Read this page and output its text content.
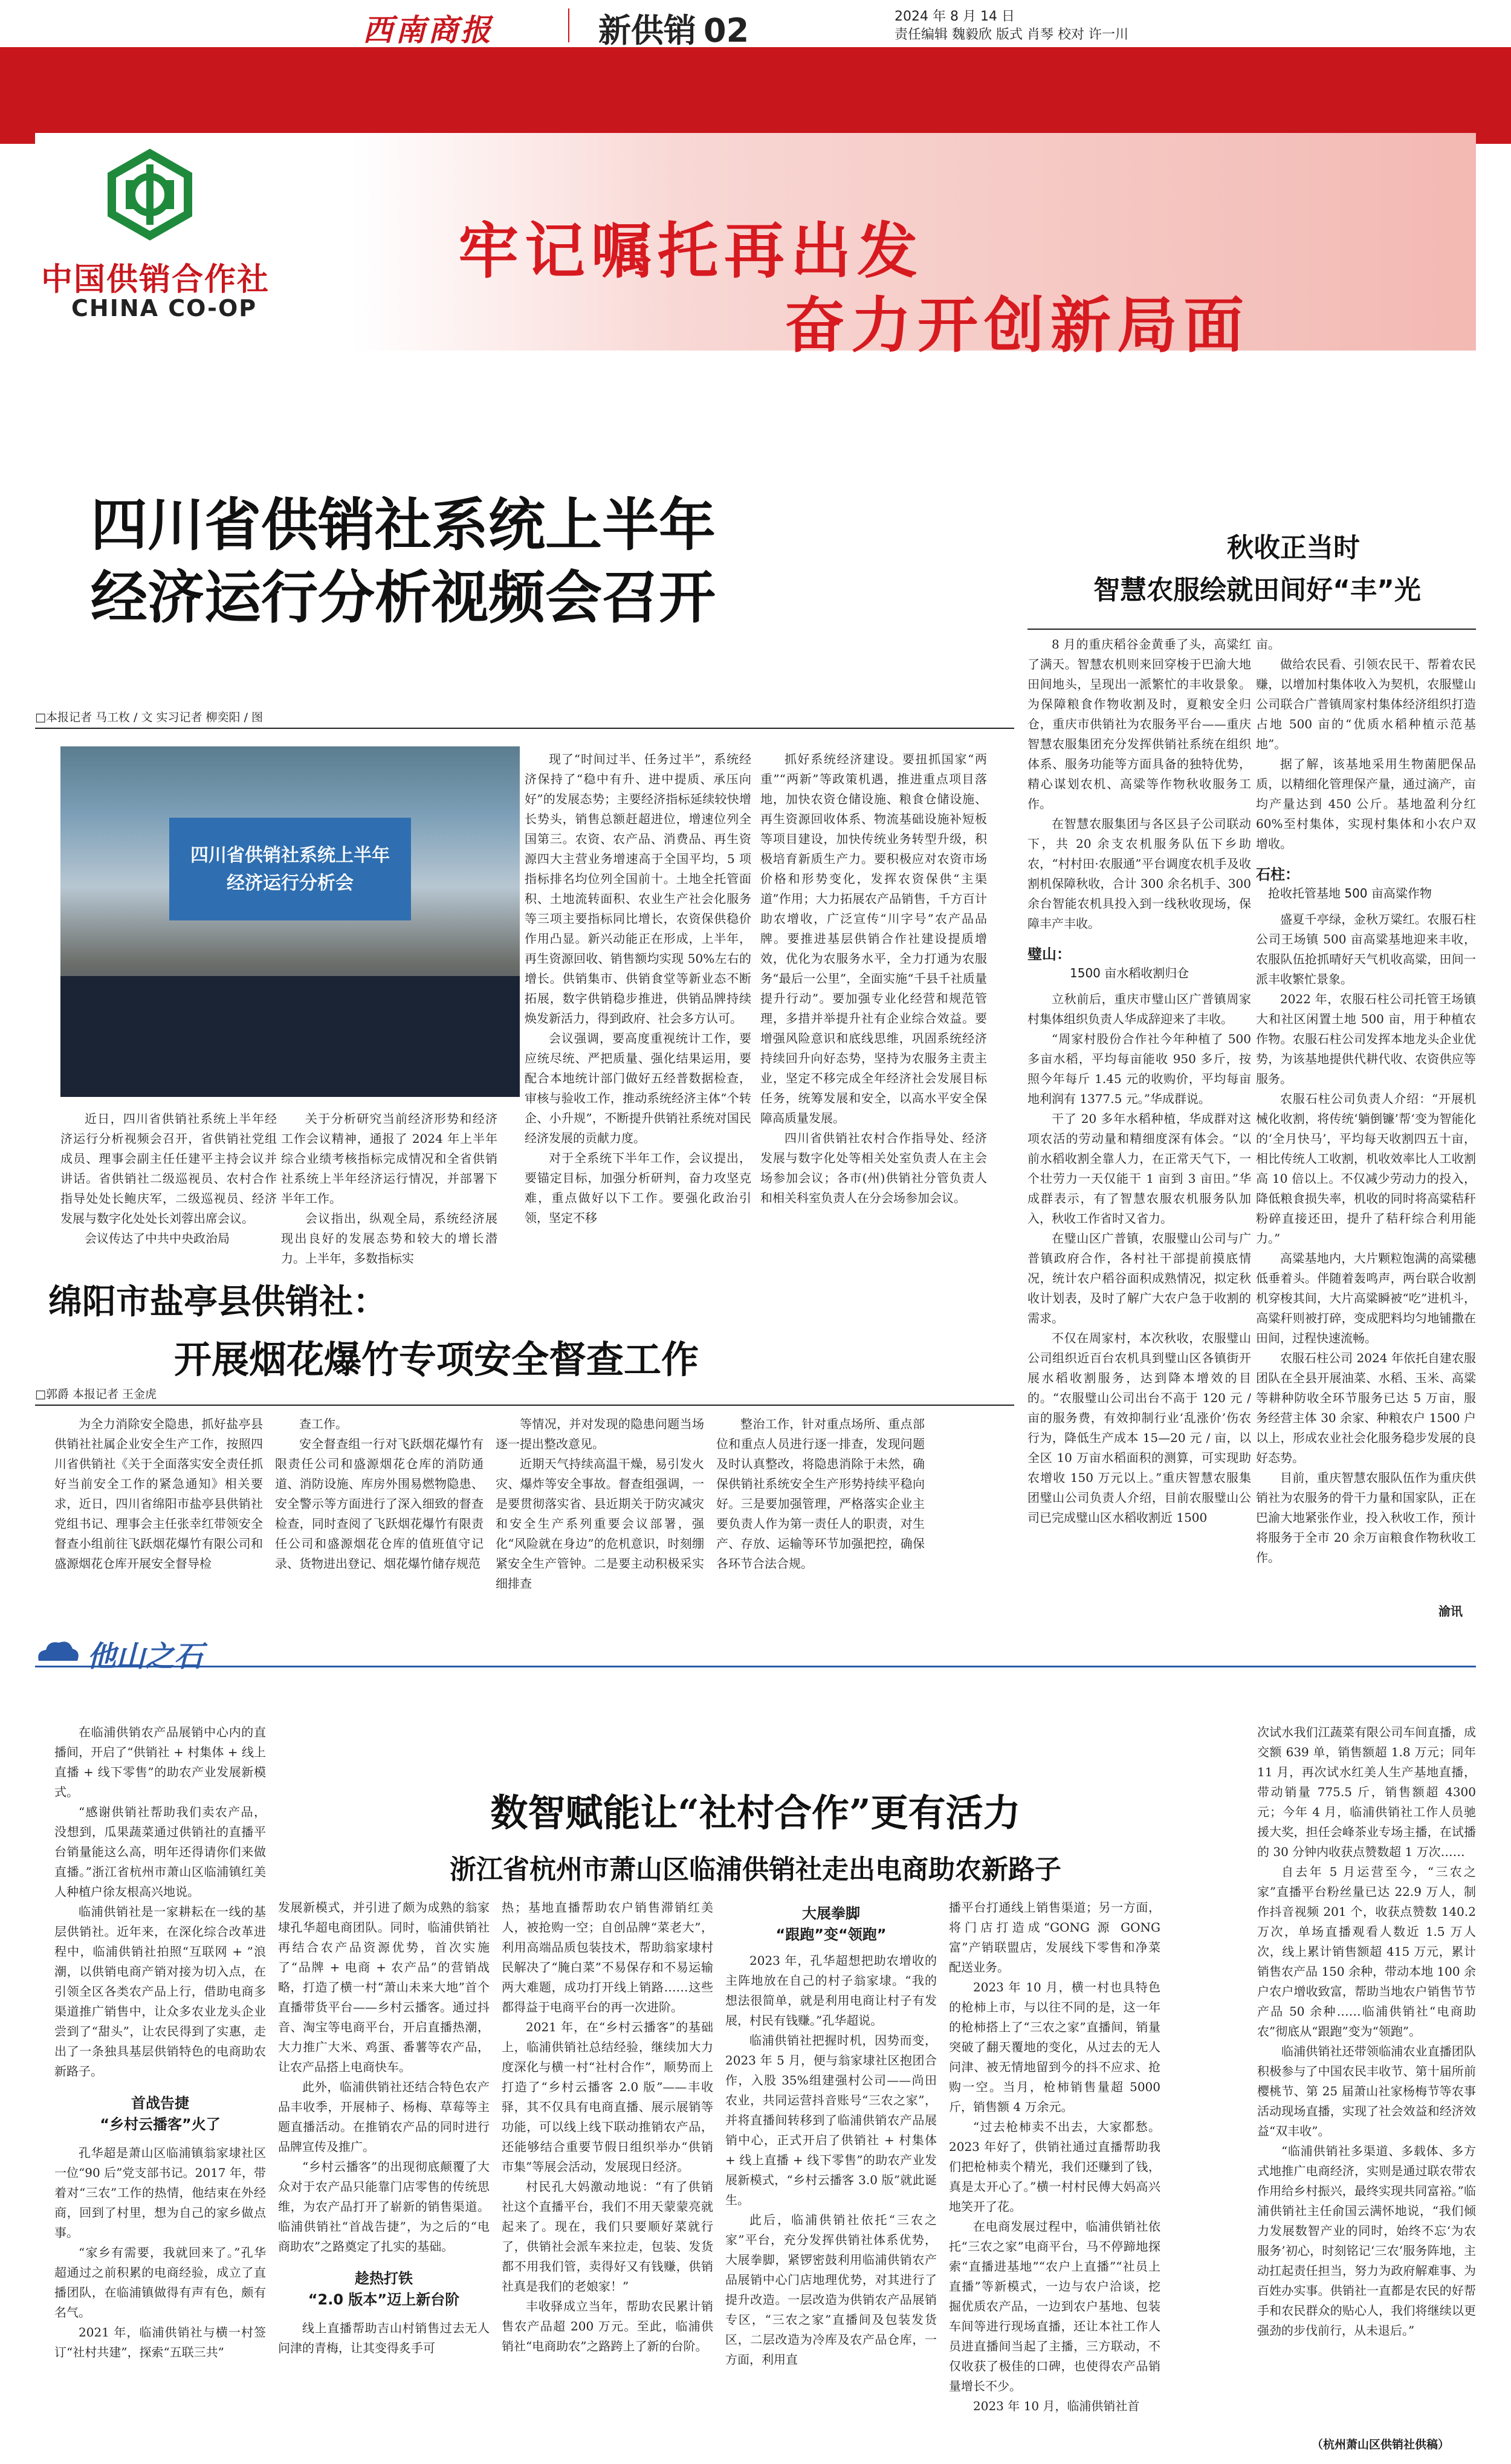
西南商报	新供销 02	2024 年 8 月 14 日
责任编辑 魏毅欣 版式 肖琴 校对 许一川
中国供销合作社
CHINA CO-OP
牢记嘱托再出发
奋力开创新局面
四川省供销社系统上半年
经济运行分析视频会召开
□本报记者 马工枚 / 文 实习记者 柳奕阳 / 图
四川省供销社系统上半年
经济运行分析会

近日，四川省供销社系统上半年经济运行分析视频会召开，省供销社党组成员、理事会副主任任建平主持会议并讲话。省供销社二级巡视员、农村合作指导处处长鲍庆军，二级巡视员、经济发展与数字化处处长刘蓉出席会议。

会议传达了中共中央政治局

关于分析研究当前经济形势和经济工作会议精神，通报了 2024 年上半年综合业绩考核指标完成情况和全省供销社系统上半年经济运行情况，并部署下半年工作。

会议指出，纵观全局，系统经济展现出良好的发展态势和较大的增长潜力。上半年，多数指标实

现了“时间过半、任务过半”，系统经济保持了“稳中有升、进中提质、承压向好”的发展态势；主要经济指标延续较快增长势头，销售总额赶超进位，增速位列全国第三。农资、农产品、消费品、再生资源四大主营业务增速高于全国平均，5 项指标排名均位列全国前十。土地全托管面积、土地流转面积、农业生产社会化服务等三项主要指标同比增长，农资保供稳价作用凸显。新兴动能正在形成，上半年，再生资源回收、销售额均实现 50%左右的增长。供销集市、供销食堂等新业态不断拓展，数字供销稳步推进，供销品牌持续焕发新活力，得到政府、社会多方认可。

会议强调，要高度重视统计工作，要应统尽统、严把质量、强化结果运用，要配合本地统计部门做好五经普数据检查，审核与验收工作，推动系统经济主体“个转企、小升规”，不断提升供销社系统对国民经济发展的贡献力度。

对于全系统下半年工作，会议提出，要锚定目标，加强分析研判，奋力攻坚克难，重点做好以下工作。要强化政治引领，坚定不移

抓好系统经济建设。要扭抓国家“两重”“两新”等政策机遇，推进重点项目落地，加快农资仓储设施、粮食仓储设施、再生资源回收体系、物流基础设施补短板等项目建设，加快传统业务转型升级，积极培育新质生产力。要积极应对农资市场价格和形势变化，发挥农资保供“主渠道”作用；大力拓展农产品销售，千方百计助农增收，广泛宣传“川字号”农产品品牌。要推进基层供销合作社建设提质增效，优化为农服务水平，全力打通为农服务“最后一公里”，全面实施“千县千社质量提升行动”。要加强专业化经营和规范管理，多措并举提升社有企业综合效益。要增强风险意识和底线思维，巩固系统经济持续回升向好态势，坚持为农服务主责主业，坚定不移完成全年经济社会发展目标任务，统筹发展和安全，以高水平安全保障高质量发展。

四川省供销社农村合作指导处、经济发展与数字化处等相关处室负责人在主会场参加会议；各市(州)供销社分管负责人和相关科室负责人在分会场参加会议。

绵阳市盐亭县供销社：
开展烟花爆竹专项安全督查工作
□郭爵 本报记者 王金虎

为全力消除安全隐患，抓好盐亭县供销社社属企业安全生产工作，按照四川省供销社《关于全面落实安全责任抓好当前安全工作的紧急通知》相关要求，近日，四川省绵阳市盐亭县供销社党组书记、理事会主任张幸红带领安全督查小组前往飞跃烟花爆竹有限公司和盛源烟花仓库开展安全督导检

查工作。

安全督查组一行对飞跃烟花爆竹有限责任公司和盛源烟花仓库的消防通道、消防设施、库房外围易燃物隐患、安全警示等方面进行了深入细致的督查检查，同时查阅了飞跃烟花爆竹有限责任公司和盛源烟花仓库的值班值守记录、货物进出登记、烟花爆竹储存规范

等情况，并对发现的隐患问题当场逐一提出整改意见。

近期天气持续高温干燥，易引发火灾、爆炸等安全事故。督查组强调，一是要贯彻落实省、县近期关于防灾减灾和安全生产系列重要会议部署，强化“风险就在身边”的危机意识，时刻绷紧安全生产管钟。二是要主动积极采实细排查

整治工作，针对重点场所、重点部位和重点人员进行逐一排查，发现问题及时认真整改，将隐患消除于未然，确保供销社系统安全生产形势持续平稳向好。三是要加强管理，严格落实企业主要负责人作为第一责任人的职责，对生产、存放、运输等环节加强把控，确保各环节合法合规。

秋收正当时
智慧农服绘就田间好“丰”光

8 月的重庆稻谷金黄垂了头，高粱红了满天。智慧农机则来回穿梭于巴渝大地田间地头，呈现出一派繁忙的丰收景象。为保障粮食作物收割及时，夏粮安全归仓，重庆市供销社为农服务平台——重庆智慧农服集团充分发挥供销社系统在组织体系、服务功能等方面具备的独特优势，精心谋划农机、高粱等作物秋收服务工作。

在智慧农服集团与各区县子公司联动下，共 20 余支农机服务队伍下乡助农，“村村田·农服通”平台调度农机手及收割机保障秋收，合计 300 余名机手、300 余台智能农机具投入到一线秋收现场，保障丰产丰收。

璧山：
1500 亩水稻收割归仓

立秋前后，重庆市璧山区广普镇周家村集体组织负责人华成辞迎来了丰收。

“周家村股份合作社今年种植了 500 多亩水稻，平均每亩能收 950 多斤，按照今年每斤 1.45 元的收购价，平均每亩地利润有 1377.5 元。”华成群说。

干了 20 多年水稻种植，华成群对这项农活的劳动量和精细度深有体会。“以前水稻收割全靠人力，在正常天气下，一个壮劳力一天仅能干 1 亩到 3 亩田。”华成群表示，有了智慧农服农机服务队加入，秋收工作省时又省力。

在璧山区广普镇，农服璧山公司与广普镇政府合作，各村社干部提前摸底情况，统计农户稻谷面积成熟情况，拟定秋收计划表，及时了解广大农户急于收割的需求。

不仅在周家村，本次秋收，农服璧山公司组织近百台农机具到璧山区各镇街开展水稻收割服务，达到降本增效的目的。“农服璧山公司出台不高于 120 元 / 亩的服务费，有效抑制行业‘乱涨价’伤农行为，降低生产成本 15—20 元 / 亩，以全区 10 万亩水稻面积的测算，可实现助农增收 150 万元以上。”重庆智慧农服集团璧山公司负责人介绍，目前农服璧山公司已完成璧山区水稻收割近 1500

亩。

做给农民看、引领农民干、帮着农民赚，以增加村集体收入为契机，农服璧山公司联合广普镇周家村集体经济组织打造占地 500 亩的“优质水稻种植示范基地”。

据了解，该基地采用生物菌肥保品质，以精细化管理保产量，通过滴产，亩均产量达到 450 公斤。基地盈利分红 60%至村集体，实现村集体和小农户双增收。

石柱：
抢收托管基地 500 亩高粱作物

盛夏千亭绿，金秋万粱红。农服石柱公司王场镇 500 亩高粱基地迎来丰收，农服队伍抢抓晴好天气机收高粱，田间一派丰收繁忙景象。

2022 年，农服石柱公司托管王场镇大和社区闲置土地 500 亩，用于种植农作物。农服石柱公司发挥本地龙头企业优势，为该基地提供代耕代收、农资供应等服务。

农服石柱公司负责人介绍：“开展机械化收割，将传统‘躺倒镰’帮‘变为智能化的‘全月快马’，平均每天收割四五十亩，相比传统人工收割，机收效率比人工收割高 10 倍以上。不仅减少劳动力的投入，降低粮食损失率，机收的同时将高粱秸秆粉碎直接还田，提升了秸秆综合利用能力。”

高粱基地内，大片颗粒饱满的高粱穗低垂着头。伴随着轰鸣声，两台联合收割机穿梭其间，大片高粱瞬被“吃”进机斗，高粱秆则被打碎，变成肥料均匀地铺撒在田间，过程快速流畅。

农服石柱公司 2024 年依托自建农服团队在全县开展油菜、水稻、玉米、高粱等耕种防收全环节服务已达 5 万亩，服务经营主体 30 余家、种粮农户 1500 户以上，形成农业社会化服务稳步发展的良好态势。

目前，重庆智慧农服队伍作为重庆供销社为农服务的骨干力量和国家队，正在巴渝大地紧张作业，投入秋收工作，预计将服务于全市 20 余万亩粮食作物秋收工作。

渝讯
他山之石
数智赋能让“社村合作”更有活力
浙江省杭州市萧山区临浦供销社走出电商助农新路子

在临浦供销农产品展销中心内的直播间，开启了“供销社 + 村集体 + 线上直播 + 线下零售”的助农产业发展新模式。

“感谢供销社帮助我们卖农产品，没想到，瓜果蔬菜通过供销社的直播平台销量能这么高，明年还得请你们来做直播。”浙江省杭州市萧山区临浦镇红美人种植户徐友根高兴地说。

临浦供销社是一家耕耘在一线的基层供销社。近年来，在深化综合改革进程中，临浦供销社拍照“互联网 + ”浪潮，以供销电商产销对接为切入点，在引领全区各类农产品上行，借助电商多渠道推广销售中，让众多农业龙头企业尝到了“甜头”，让农民得到了实惠，走出了一条独具基层供销特色的电商助农新路子。

首战告捷
“乡村云播客”火了

孔华超是萧山区临浦镇翁家埭社区一位“90 后”党支部书记。2017 年，带着对“三农”工作的热情，他结束在外经商，回到了村里，想为自己的家乡做点事。

“家乡有需要，我就回来了。”孔华超通过之前积累的电商经验，成立了直播团队，在临浦镇做得有声有色，颇有名气。

2021 年，临浦供销社与横一村签订“社村共建”，探索“五联三共”

发展新模式，并引进了颇为成熟的翁家埭孔华超电商团队。同时，临浦供销社再结合农产品资源优势，首次实施了“品牌 + 电商 + 农产品”的营销战略，打造了横一村“萧山未来大地”首个直播带货平台——乡村云播客。通过抖音、淘宝等电商平台，开启直播热潮，大力推广大米、鸡蛋、番薯等农产品，让农产品搭上电商快车。

此外，临浦供销社还结合特色农产品丰收季，开展柿子、杨梅、草莓等主题直播活动。在推销农产品的同时进行品牌宣传及推广。

“乡村云播客”的出现彻底颠覆了大众对于农产品只能靠门店零售的传统思维，为农产品打开了崭新的销售渠道。临浦供销社“首战告捷”，为之后的“电商助农”之路奠定了扎实的基础。

趁热打铁
“2.0 版本”迈上新台阶

线上直播帮助吉山村销售过去无人问津的青梅，让其变得炙手可

热；基地直播帮助农户销售滞销红美人，被抢购一空；自创品牌“菜老大”，利用高端品质包装技术，帮助翁家埭村民解决了“腌白菜”不易保存和不易运输两大难题，成功打开线上销路……这些都得益于电商平台的再一次进阶。

2021 年，在“乡村云播客”的基础上，临浦供销社总结经验，继续加大力度深化与横一村“社村合作”，顺势而上打造了“乡村云播客 2.0 版”——丰收驿，其不仅具有电商直播、展示展销等功能，可以线上线下联动推销农产品，还能够结合重要节假日组织举办“供销市集”等展会活动，发展现日经济。

村民孔大妈激动地说：“有了供销社这个直播平台，我们不用天蒙蒙亮就起来了。现在，我们只要顺好菜就行了，供销社会派车来拉走，包装、发货都不用我们管，卖得好又有钱赚，供销社真是我们的老娘家！”

丰收驿成立当年，帮助农民累计销售农产品超 200 万元。至此，临浦供销社“电商助农”之路跨上了新的台阶。

大展拳脚
“跟跑”变“领跑”

2023 年，孔华超想把助农增收的主阵地放在自己的村子翁家埭。“我的想法很简单，就是利用电商让村子有发展，村民有钱赚。”孔华超说。

临浦供销社把握时机，因势而变，2023 年 5 月，便与翁家埭社区抱团合作，入股 35%组建强村公司——尚田农业，共同运营抖音账号“三农之家”，并将直播间转移到了临浦供销农产品展销中心，正式开启了供销社 + 村集体 + 线上直播 + 线下零售”的助农产业发展新模式，“乡村云播客 3.0 版”就此诞生。

此后，临浦供销社依托“三农之家”平台，充分发挥供销社体系优势，大展拳脚，紧锣密鼓利用临浦供销农产品展销中心门店地理优势，对其进行了提升改造。一层改造为供销农产品展销专区，“三农之家”直播间及包装发货区，二层改造为冷库及农产品仓库，一方面，利用直

播平台打通线上销售渠道；另一方面，将门店打造成“GONG 源 GONG 富”产销联盟店，发展线下零售和净菜配送业务。

2023 年 10 月，横一村也具特色的枪柿上市，与以往不同的是，这一年的枪柿搭上了“三农之家”直播间，销量突破了翻天覆地的变化，从过去的无人问津、被无情地留到今的抖不应求、抢购一空。当月，枪柿销售量超 5000 斤，销售额 4 万余元。

“过去枪柿卖不出去，大家都愁。2023 年好了，供销社通过直播帮助我们把枪柿卖个精光，我们还赚到了钱，真是太开心了。”横一村村民傅大妈高兴地笑开了花。

在电商发展过程中，临浦供销社依托“三农之家”电商平台，马不停蹄地探索“直播进基地”“农户上直播”“社员上直播”等新模式，一边与农户洽谈，挖掘优质农产品，一边到农户基地、包装车间等进行现场直播，还让本社工作人员进直播间当起了主播，三方联动，不仅收获了极佳的口碑，也使得农产品销量增长不少。

2023 年 10 月，临浦供销社首

次试水我们江蔬菜有限公司车间直播，成交额 639 单，销售额超 1.8 万元；同年 11 月，再次试水红美人生产基地直播，带动销量 775.5 斤，销售额超 4300 元；今年 4 月，临浦供销社工作人员驰援大奖，担任会峰茶业专场主播，在试播的 30 分钟内收获点赞数超 1 万次……

自去年 5 月运营至今，“三农之家”直播平台粉丝量已达 22.9 万人，制作抖音视频 201 个，收获点赞数 140.2 万次，单场直播观看人数近 1.5 万人次，线上累计销售额超 415 万元，累计销售农产品 150 余种，带动本地 100 余户农户增收致富，帮助当地农户销售节节产品 50 余种……临浦供销社“电商助农”彻底从“跟跑”变为“领跑”。

临浦供销社还带领临浦农业直播团队积极参与了中国农民丰收节、第十届所前樱桃节、第 25 届萧山社家杨梅节等农事活动现场直播，实现了社会效益和经济效益“双丰收”。

“临浦供销社多渠道、多载体、多方式地推广电商经济，实则是通过联农带农作用给乡村振兴，最终实现共同富裕。”临浦供销社主任俞国云满怀地说，“我们倾力发展数智产业的同时，始终不忘‘为农服务’初心，时刻铭记‘三农’服务阵地，主动扛起责任担当，努力为政府解难事、为百姓办实事。供销社一直都是农民的好帮手和农民群众的贴心人，我们将继续以更强劲的步伐前行，从未退后。”

（杭州萧山区供销社供稿）
